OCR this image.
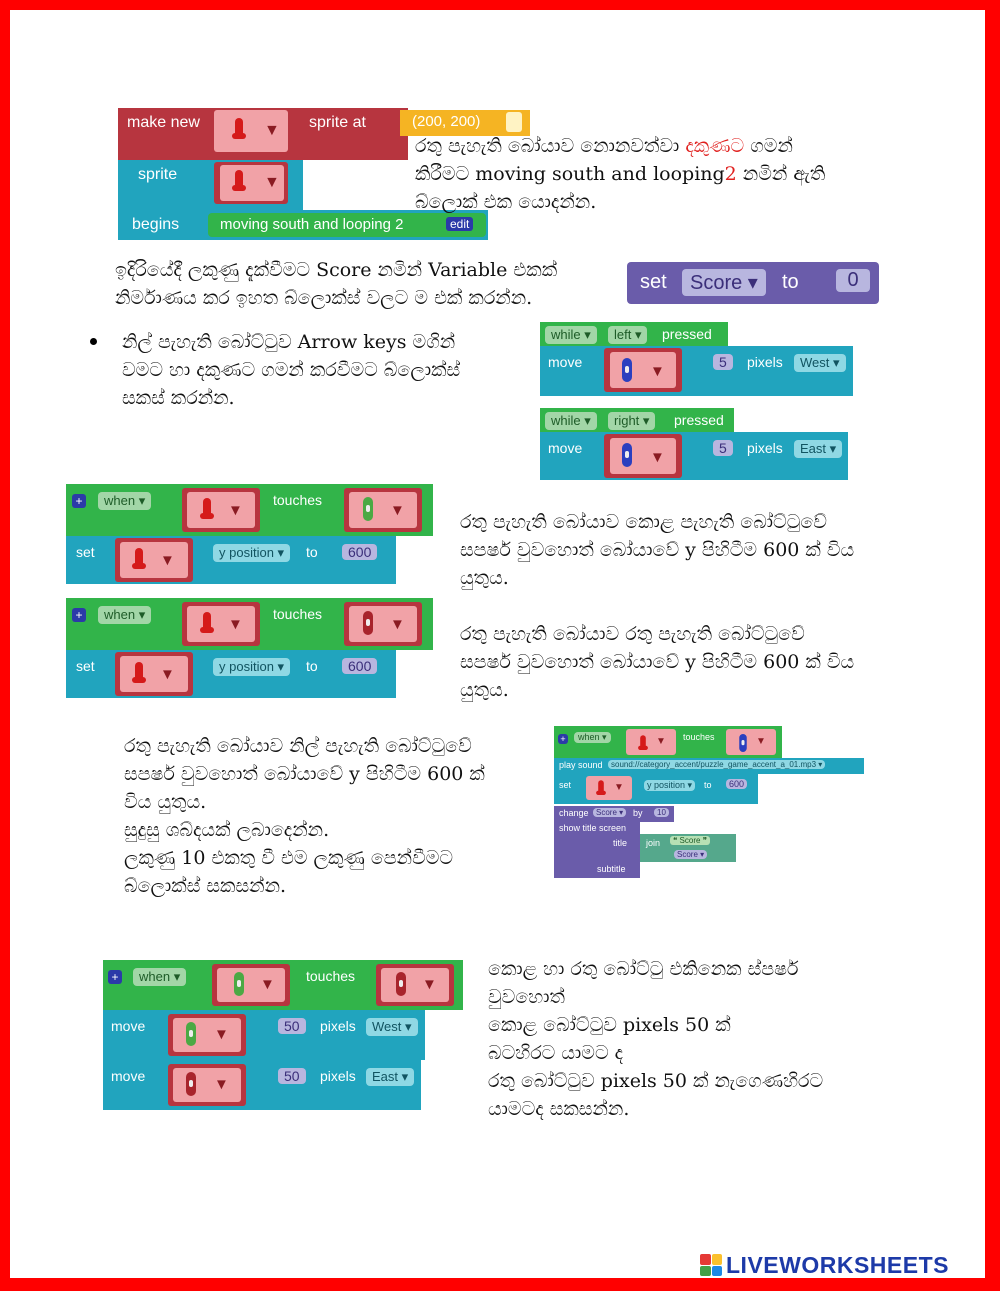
make new	▼ sprite at	(200, 200)
sprite	▼
begins	moving south and looping 2	edit
රතු පැහැති බෝයාව නොනවත්වා දකුණට ගමන්
කිරීමට moving south and looping2 නමින් ඇති
බ්ලොක් එක යොදන්න.
ඉදිරියේදී ලකුණු දැක්වීමට Score නමින් Variable එකක්
නිර්මාණය කර ඉහත බ්ලොක්ස් වලට ම එක් කරන්න.
set	Score ▾	to	0
නිල් පැහැති බෝට්ටුව Arrow keys මගින්
වමට හා දකුණට ගමන් කරවීමට බ්ලොක්ස්
සකස් කරන්න.
while ▾	left ▾	pressed
move
▼
5	pixels	West ▾
while ▾	right ▾	pressed
move
▼
5	pixels	East ▾
+	when ▾
▼
touches
▼
set
▼
y position ▾	to	600
රතු පැහැති බෝයාව කොළ පැහැති බෝට්ටුවේ
සපර්ෂ වුවහොත් බෝයාවේ y පිහිටීම 600 ක් විය
යුතුය.
+	when ▾
▼
touches
▼
set
▼
y position ▾	to	600
රතු පැහැති බෝයාව රතු පැහැති බෝට්ටුවේ
සපර්ෂ වුවහොත් බෝයාවේ y පිහිටීම 600 ක් විය
යුතුය.
රතු පැහැති බෝයාව නිල් පැහැති බෝට්ටුවේ
සපර්ෂ වුවහොත් බෝයාවේ y පිහිටීම 600 ක්
විය යුතුය.
සුදුසු ශබ්දයක් ලබාදෙන්න.
ලකුණු 10 එකතු වී එම ලකුණු පෙන්වීමට
බ්ලොක්ස් සකසන්න.
+	when ▾	▼ touches	▼
play sound	sound://category_accent/puzzle_game_accent_a_01.mp3 ▾
set	▼	y position ▾	to	600
change Score ▾	by	10
show title screen
title join	❝ Score ❞
Score ▾
subtitle
+	when ▾
▼
touches
▼
move
▼
50	pixels	West ▾
move
▼
50	pixels	East ▾
කොළ හා රතු බෝට්ටු එකිනෙක ස්පර්ෂ
වුවහොත්
කොළ බෝට්ටුව pixels 50 ක්
බටහිරට යාමට ද
රතු බෝට්ටුව pixels 50 ක් නැගෙණහිරට
යාමටද සකසන්න.
LIVEWORKSHEETS
